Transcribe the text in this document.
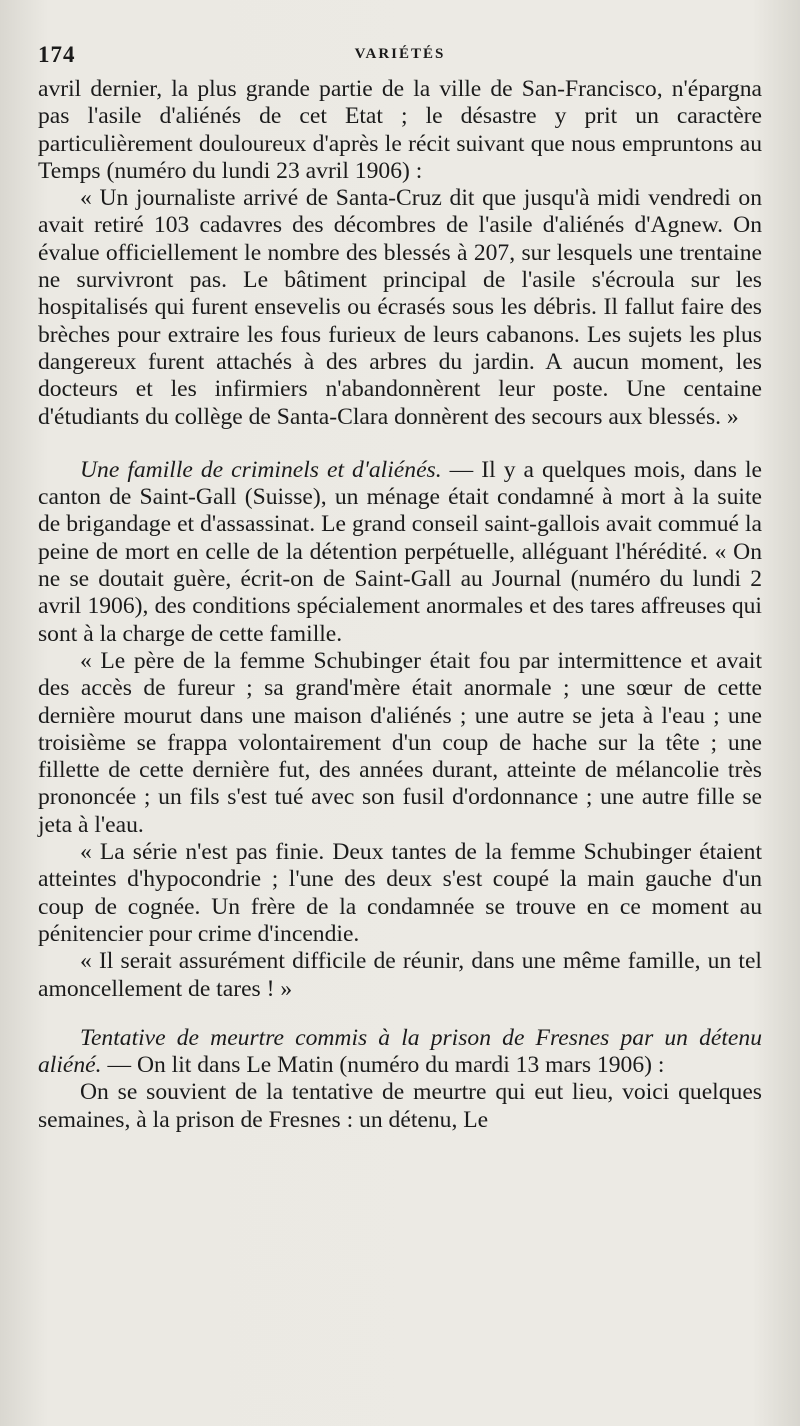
174	VARIÉTÉS

avril dernier, la plus grande partie de la ville de San-Francisco, n'épargna pas l'asile d'aliénés de cet Etat ; le désastre y prit un caractère particulièrement douloureux d'après le récit suivant que nous empruntons au Temps (numéro du lundi 23 avril 1906) :

« Un journaliste arrivé de Santa-Cruz dit que jusqu'à midi vendredi on avait retiré 103 cadavres des décombres de l'asile d'aliénés d'Agnew. On évalue officiellement le nombre des blessés à 207, sur lesquels une trentaine ne survivront pas. Le bâtiment principal de l'asile s'écroula sur les hospitalisés qui furent ensevelis ou écrasés sous les débris. Il fallut faire des brèches pour extraire les fous furieux de leurs cabanons. Les sujets les plus dangereux furent attachés à des arbres du jardin. A aucun moment, les docteurs et les infirmiers n'abandonnèrent leur poste. Une centaine d'étudiants du collège de Santa-Clara donnèrent des secours aux blessés. »

Une famille de criminels et d'aliénés. — Il y a quelques mois, dans le canton de Saint-Gall (Suisse), un ménage était condamné à mort à la suite de brigandage et d'assassinat. Le grand conseil saint-gallois avait commué la peine de mort en celle de la détention perpétuelle, alléguant l'hérédité. « On ne se doutait guère, écrit-on de Saint-Gall au Journal (numéro du lundi 2 avril 1906), des conditions spécialement anormales et des tares affreuses qui sont à la charge de cette famille.

« Le père de la femme Schubinger était fou par intermittence et avait des accès de fureur ; sa grand'mère était anormale ; une sœur de cette dernière mourut dans une maison d'aliénés ; une autre se jeta à l'eau ; une troisième se frappa volontairement d'un coup de hache sur la tête ; une fillette de cette dernière fut, des années durant, atteinte de mélancolie très prononcée ; un fils s'est tué avec son fusil d'ordonnance ; une autre fille se jeta à l'eau.

« La série n'est pas finie. Deux tantes de la femme Schubinger étaient atteintes d'hypocondrie ; l'une des deux s'est coupé la main gauche d'un coup de cognée. Un frère de la condamnée se trouve en ce moment au pénitencier pour crime d'incendie.

« Il serait assurément difficile de réunir, dans une même famille, un tel amoncellement de tares ! »

Tentative de meurtre commis à la prison de Fresnes par un détenu aliéné. — On lit dans Le Matin (numéro du mardi 13 mars 1906) :

On se souvient de la tentative de meurtre qui eut lieu, voici quelques semaines, à la prison de Fresnes : un détenu, Le
